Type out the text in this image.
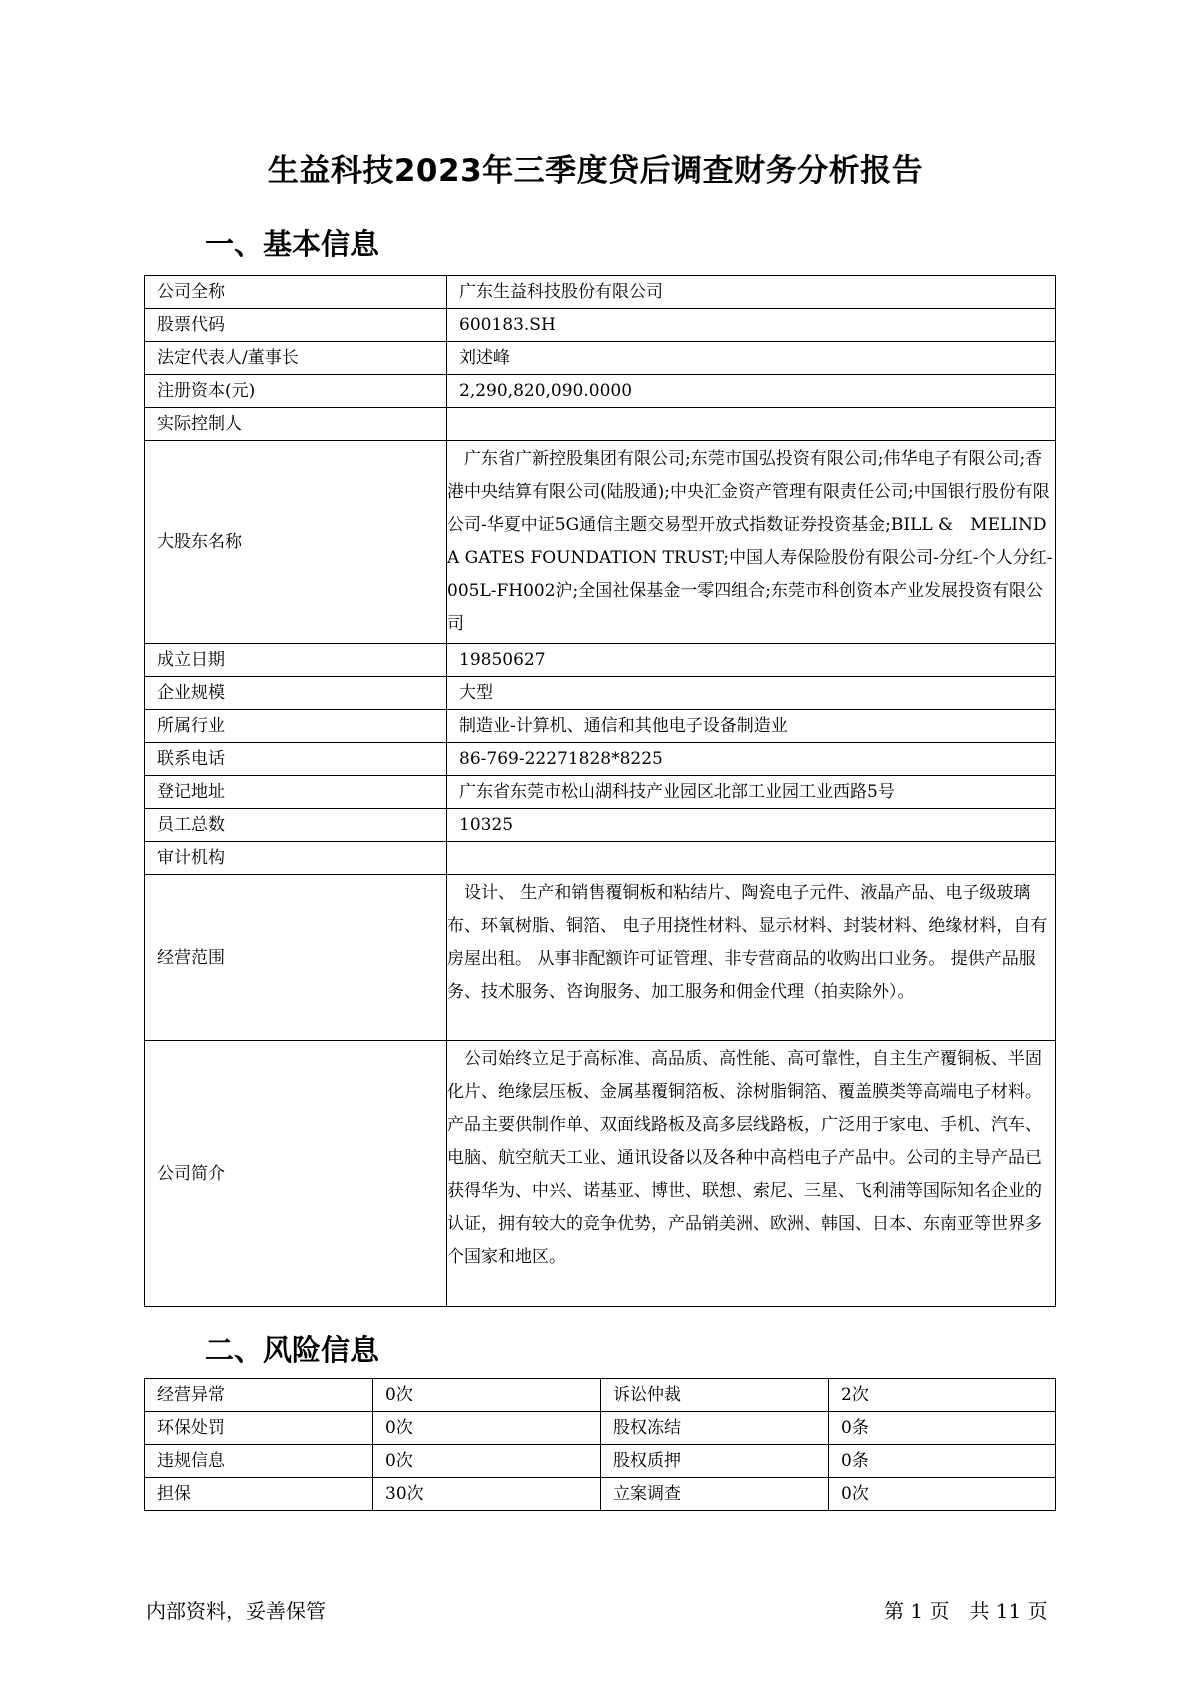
生益科技2023年三季度贷后调查财务分析报告
一、基本信息
公司全称	广东生益科技股份有限公司
股票代码	600183.SH
法定代表人/董事长	刘述峰
注册资本(元)	2,290,820,090.0000
实际控制人	
大股东名称	　广东省广新控股集团有限公司;东莞市国弘投资有限公司;伟华电子有限公司;香港中央结算有限公司(陆股通);中央汇金资产管理有限责任公司;中国银行股份有限公司-华夏中证5G通信主题交易型开放式指数证券投资基金;BILL &　MELINDA GATES FOUNDATION TRUST;中国人寿保险股份有限公司-分红-个人分红-005L-FH002沪;全国社保基金一零四组合;东莞市科创资本产业发展投资有限公司
成立日期	19850627
企业规模	大型
所属行业	制造业-计算机、通信和其他电子设备制造业
联系电话	86-769-22271828*8225
登记地址	广东省东莞市松山湖科技产业园区北部工业园工业西路5号
员工总数	10325
审计机构	
经营范围	　设计、 生产和销售覆铜板和粘结片、陶瓷电子元件、液晶产品、电子级玻璃布、环氧树脂、铜箔、 电子用挠性材料、显示材料、封装材料、绝缘材料，自有房屋出租。 从事非配额许可证管理、非专营商品的收购出口业务。 提供产品服务、技术服务、咨询服务、加工服务和佣金代理（拍卖除外）。
公司简介	　公司始终立足于高标准、高品质、高性能、高可靠性，自主生产覆铜板、半固化片、绝缘层压板、金属基覆铜箔板、涂树脂铜箔、覆盖膜类等高端电子材料。产品主要供制作单、双面线路板及高多层线路板，广泛用于家电、手机、汽车、电脑、航空航天工业、通讯设备以及各种中高档电子产品中。公司的主导产品已获得华为、中兴、诺基亚、博世、联想、索尼、三星、飞利浦等国际知名企业的认证，拥有较大的竞争优势，产品销美洲、欧洲、韩国、日本、东南亚等世界多个国家和地区。
二、风险信息
经营异常	0次	诉讼仲裁	2次
环保处罚	0次	股权冻结	0条
违规信息	0次	股权质押	0条
担保	30次	立案调查	0次
内部资料，妥善保管	第 1 页　共 11 页
